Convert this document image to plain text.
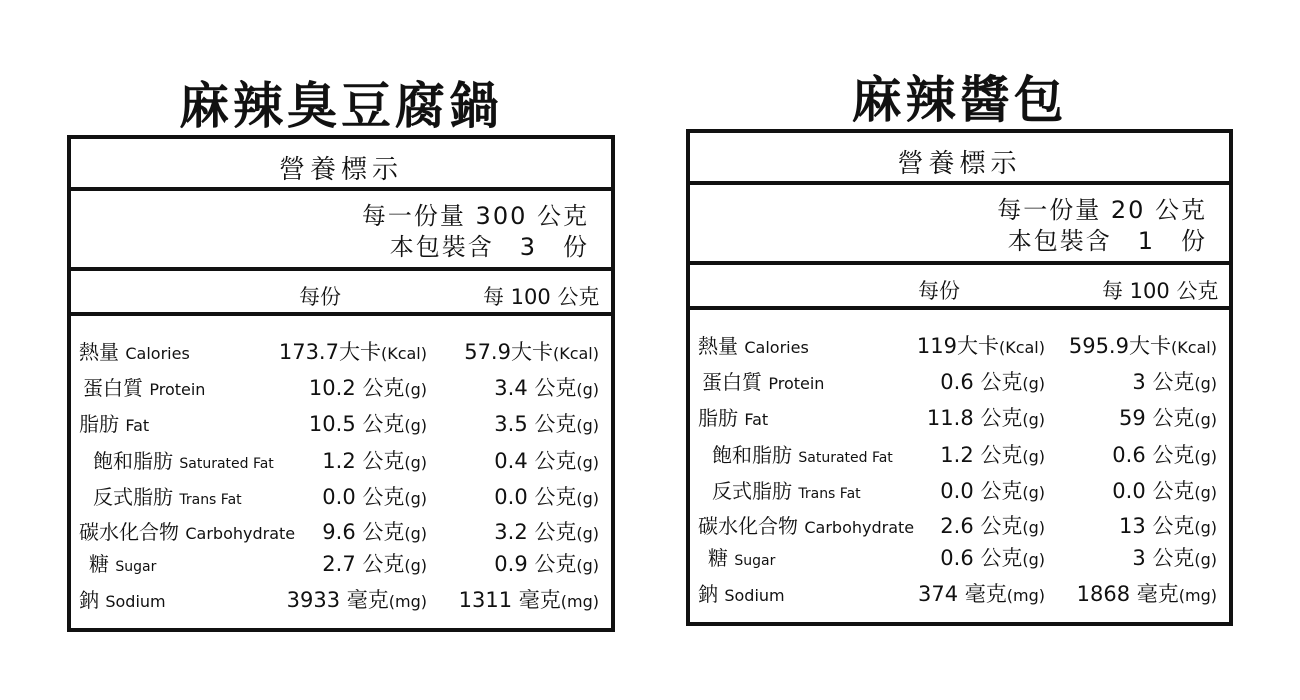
麻辣臭豆腐鍋
營養標示
每一份量 300 公克
本包裝含　3　份
每份	每 100 公克
熱量 Calories	173.7大卡(Kcal) 57.9大卡(Kcal)
蛋白質 Protein	10.2 公克(g)	3.4 公克(g)
脂肪 Fat	10.5 公克(g)	3.5 公克(g)
飽和脂肪 Saturated Fat 1.2 公克(g)	0.4 公克(g)
反式脂肪 Trans Fat	0.0 公克(g)	0.0 公克(g)
碳水化合物 Carbohydrate 9.6 公克(g)	3.2 公克(g)
糖 Sugar	2.7 公克(g)	0.9 公克(g)
鈉 Sodium	3933 毫克(mg) 1311 毫克(mg)
麻辣醬包
營養標示
每一份量 20 公克
本包裝含　1　份
每份	每 100 公克
熱量 Calories	119大卡(Kcal) 595.9大卡(Kcal)
蛋白質 Protein	0.6 公克(g)	3 公克(g)
脂肪 Fat	11.8 公克(g)	59 公克(g)
飽和脂肪 Saturated Fat 1.2 公克(g)	0.6 公克(g)
反式脂肪 Trans Fat	0.0 公克(g)	0.0 公克(g)
碳水化合物 Carbohydrate 2.6 公克(g)	13 公克(g)
糖 Sugar	0.6 公克(g)	3 公克(g)
鈉 Sodium	374 毫克(mg) 1868 毫克(mg)
